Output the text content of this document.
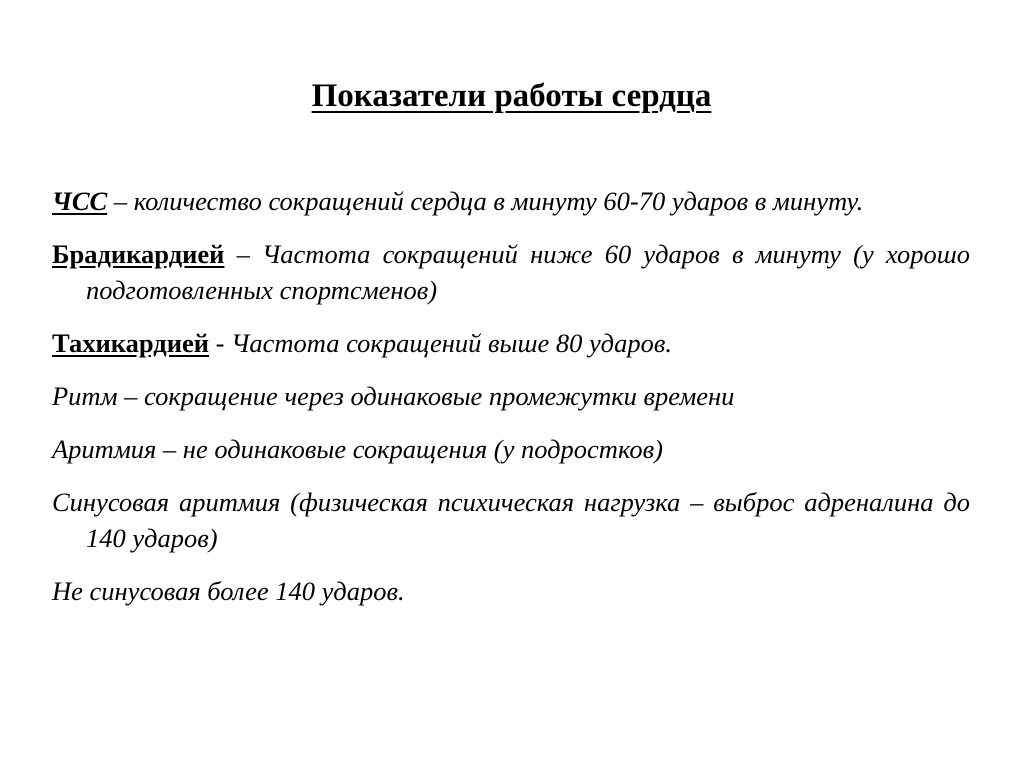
Показатели работы сердца

ЧСС – количество сокращений сердца в минуту 60-70 ударов в минуту.

Брадикардией – Частота сокращений ниже 60 ударов в минуту (у хорошо подготовленных спортсменов)

Тахикардией - Частота сокращений выше 80 ударов.

Ритм – сокращение через одинаковые промежутки времени

Аритмия – не одинаковые сокращения (у подростков)

Синусовая аритмия (физическая психическая нагрузка – выброс адреналина до 140 ударов)

Не синусовая более 140 ударов.
